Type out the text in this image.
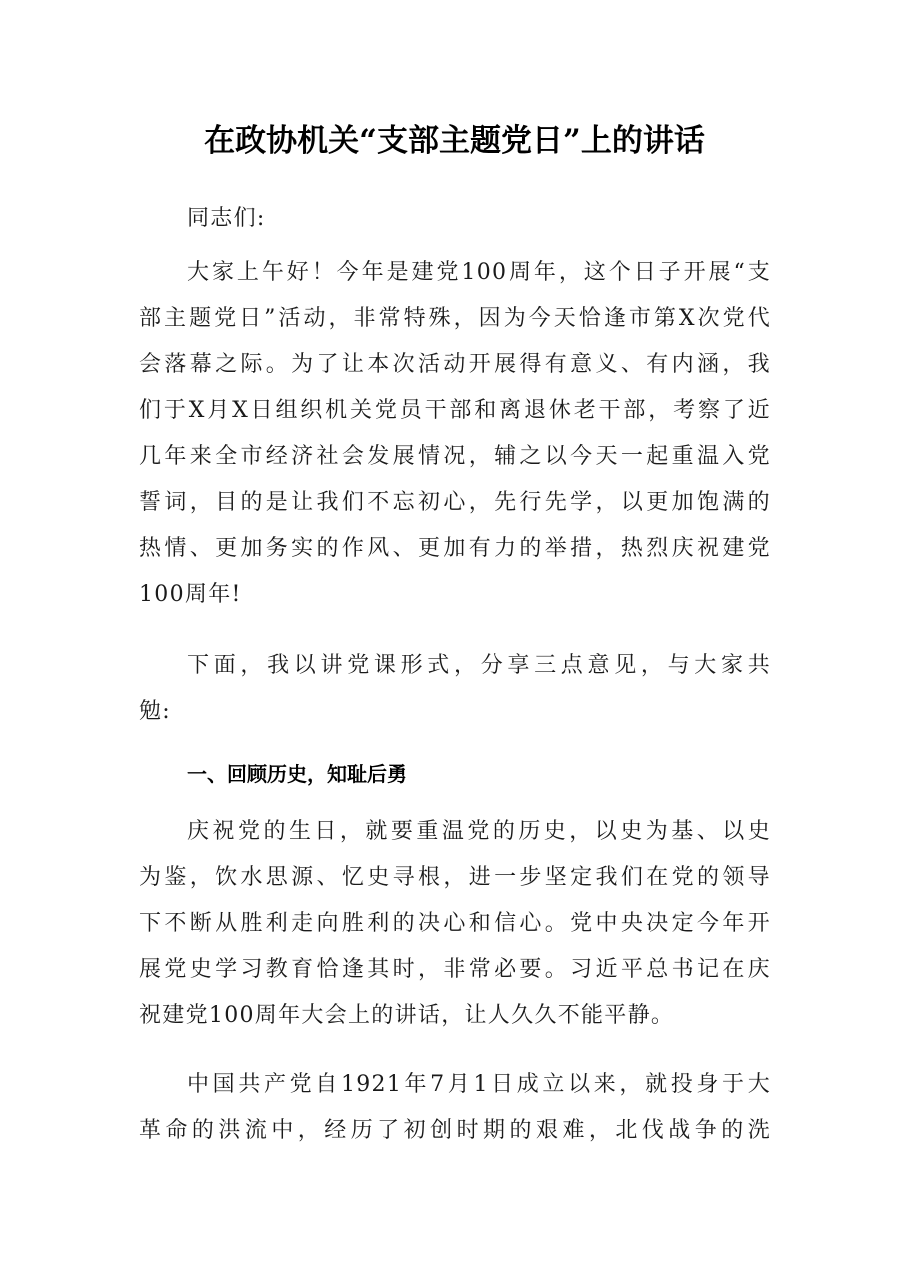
在政协机关“支部主题党日”上的讲话

同志们:

大家上午好！今年是建党100周年，这个日子开展“支
部主题党日”活动，非常特殊，因为今天恰逢市第X次党代
会落幕之际。为了让本次活动开展得有意义、有内涵，我
们于X月X日组织机关党员干部和离退休老干部，考察了近
几年来全市经济社会发展情况，辅之以今天一起重温入党
誓词，目的是让我们不忘初心，先行先学，以更加饱满的
热情、更加务实的作风、更加有力的举措，热烈庆祝建党
100周年!

下面，我以讲党课形式，分享三点意见，与大家共
勉:

一、回顾历史，知耻后勇

庆祝党的生日，就要重温党的历史，以史为基、以史
为鉴，饮水思源、忆史寻根，进一步坚定我们在党的领导
下不断从胜利走向胜利的决心和信心。党中央决定今年开
展党史学习教育恰逢其时，非常必要。习近平总书记在庆
祝建党100周年大会上的讲话，让人久久不能平静。

中国共产党自1921年7月1日成立以来，就投身于大
革命的洪流中，经历了初创时期的艰难，北伐战争的洗
